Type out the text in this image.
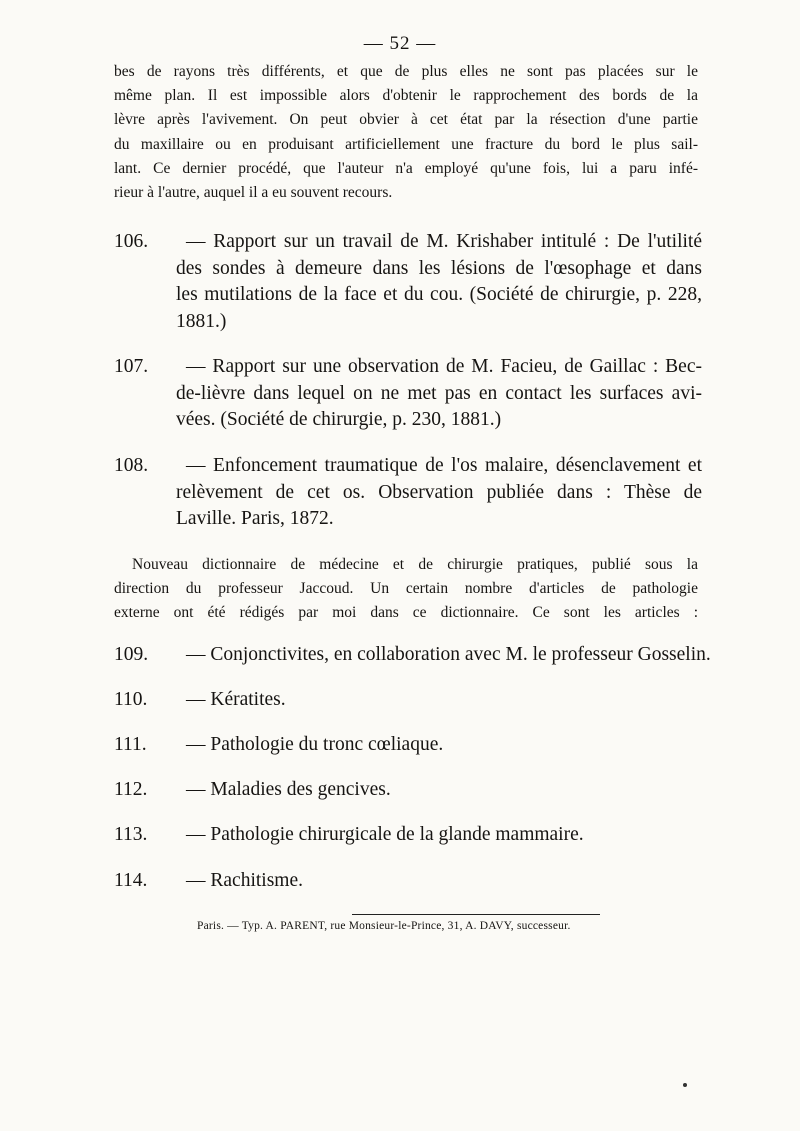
— 52 —
bes de rayons très différents, et que de plus elles ne sont pas placées sur le
même plan. Il est impossible alors d'obtenir le rapprochement des bords de la
lèvre après l'avivement. On peut obvier à cet état par la résection d'une partie
du maxillaire ou en produisant artificiellement une fracture du bord le plus sail-
lant. Ce dernier procédé, que l'auteur n'a employé qu'une fois, lui a paru infé-
rieur à l'autre, auquel il a eu souvent recours.
106. — Rapport sur un travail de M. Krishaber intitulé : De l'utilité
des sondes à demeure dans les lésions de l'œsophage et dans
les mutilations de la face et du cou. (Société de chirurgie, p. 228,
1881.)
107. — Rapport sur une observation de M. Facieu, de Gaillac : Bec-
de-lièvre dans lequel on ne met pas en contact les surfaces avi-
vées. (Société de chirurgie, p. 230, 1881.)
108. — Enfoncement traumatique de l'os malaire, désenclavement et
relèvement de cet os. Observation publiée dans : Thèse de
Laville. Paris, 1872.
Nouveau dictionnaire de médecine et de chirurgie pratiques, publié sous la
direction du professeur Jaccoud. Un certain nombre d'articles de pathologie
externe ont été rédigés par moi dans ce dictionnaire. Ce sont les articles :
109. — Conjonctivites, en collaboration avec M. le professeur Gosselin.
110. — Kératites.
111. — Pathologie du tronc cœliaque.
112. — Maladies des gencives.
113. — Pathologie chirurgicale de la glande mammaire.
114. — Rachitisme.
Paris. — Typ. A. PARENT, rue Monsieur-le-Prince, 31, A. DAVY, successeur.
